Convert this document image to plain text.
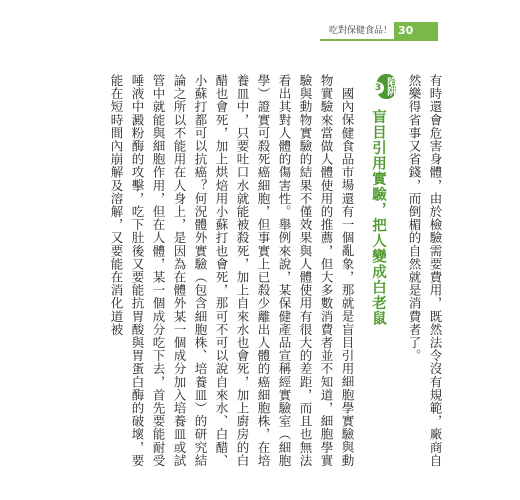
吃對保健食品！ 30

有時還會危害身體，由於檢驗需要費用，既然法令沒有規範，廠商自然樂得省事又省錢，而倒楣的自然就是消費者了。

陷阱
3 盲目引用實驗，把人變成白老鼠

國內保健食品市場還有一個亂象，那就是盲目引用細胞學實驗與動物實驗來當做人體使用的推薦，但大多數消費者並不知道，細胞學實驗與動物實驗的結果不僅效果與人體使用有很大的差距，而且也無法看出其對人體的傷害性。舉例來說，某保健產品宣稱經實驗室（細胞學）證實可殺死癌細胞，但事實上已殺少離出人體的癌細胞株，在培養皿中，只要吐口水就能被殺死，加上自來水也會死，加上廚房的白醋也會死，加上烘焙用小蘇打也會死，那可不可以說自來水、白醋、小蘇打都可以抗癌？何況體外實驗（包含細胞株、培養皿）的研究結論之所以不能用在人身上，是因為在體外某一個成分加入培養皿或試管中就能與細胞作用，但在人體，某一個成分吃下去，首先要能耐受唾液中澱粉酶的攻擊，吃下肚後又要能抗胃酸與胃蛋白酶的破壞，要能在短時間內崩解及溶解，又要能在消化道被
